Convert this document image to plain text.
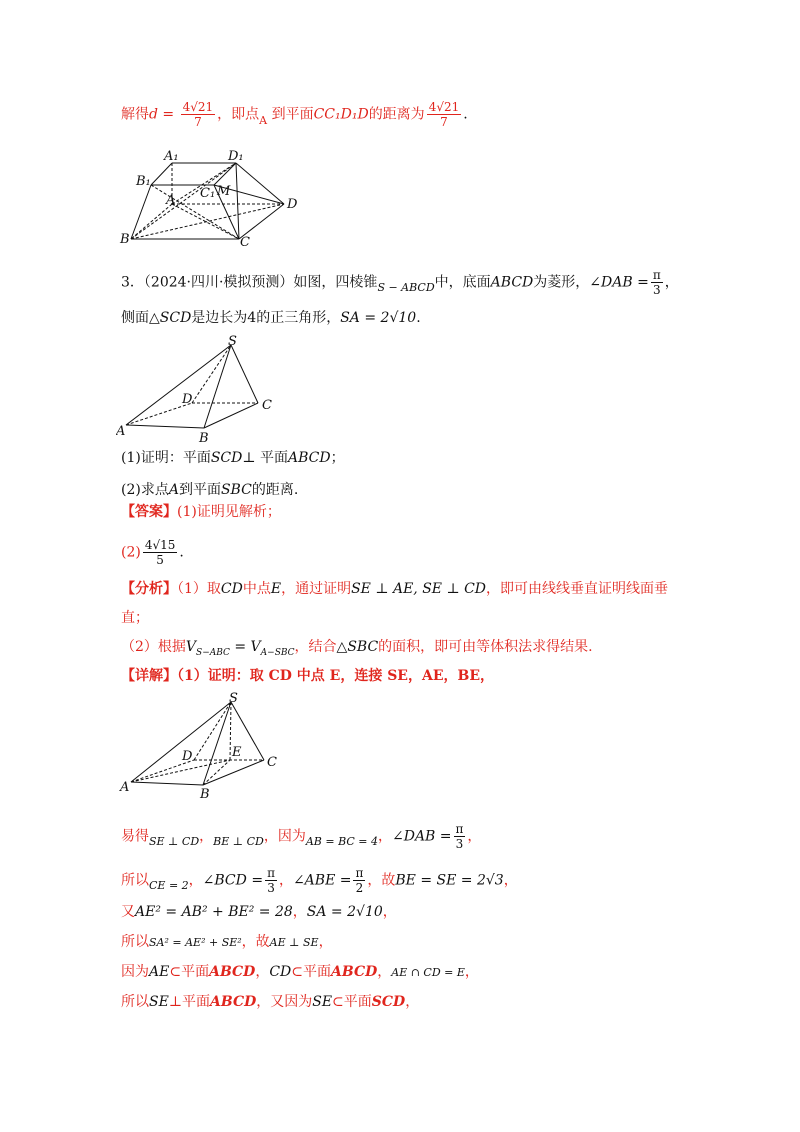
解得$d = \frac{4√21}{7}$ ，即点$_A$ 到平面CC₁D₁D的距离为 $\frac{4√21}{7}$ .
A₁	D₁
B₁
C₁
A
M
D
B	C
3．（2024·四川·模拟预测）如图，四棱锥$_{S - ABCD}$中，底面ABCD为菱形，∠DAB = $\frac{\pi}{3}$ ，
侧面△SCD是边长为4的正三角形，SA = 2√10.
S
D	C
A	B
(1)证明：平面SCD⊥ 平面ABCD；
(2)求点A到平面SBC的距离.
【答案】(1)证明见解析；
$(2) \frac{4√15}{5}$ .
【分析】（1）取CD中点E，通过证明SE ⊥ AE, SE ⊥ CD，即可由线线垂直证明线面垂
直；
（2）根据$V_{S-ABC} = V_{A-SBC}$，结合△SBC的面积，即可由等体积法求得结果.
【详解】（1）证明：取 CD 中点 E，连接 SE，AE，BE，
S
D	E
C
A	B
易得$_{SE \perp CD}$，$_{BE \perp CD}$，因为$_{AB = BC = 4}$，∠DAB = $\frac{\pi}{3}$ ，
所以$_{CE = 2}$，∠BCD = $\frac{\pi}{3}$ ，∠ABE = $\frac{\pi}{2}$ ，故BE = SE = 2√3，
又AE² = AB² + BE² = 28，SA = 2√10，
所以SA² = AE² + SE²，故AE ⊥ SE，
因为AE⊂平面ABCD，CD⊂平面ABCD，AE ∩ CD = E，
所以SE⊥平面ABCD，又因为SE⊂平面SCD，
